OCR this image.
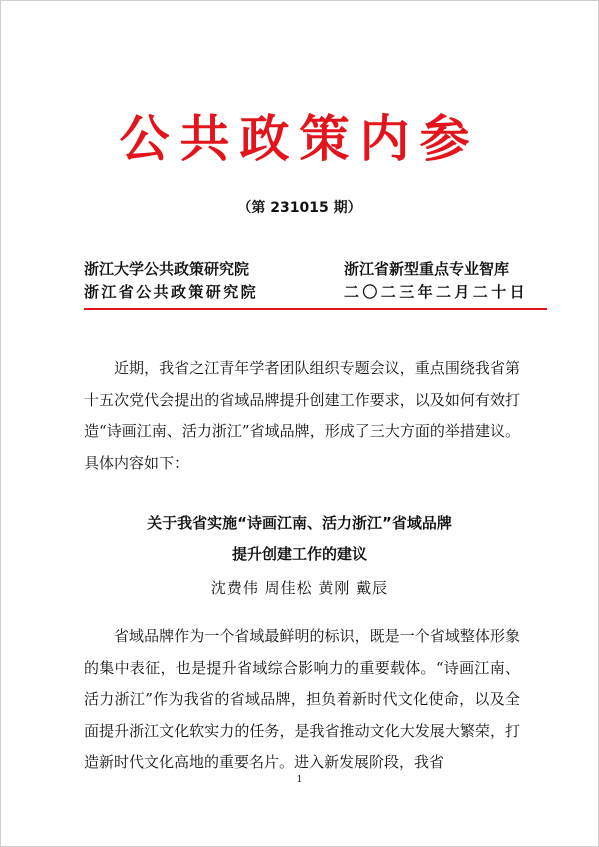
公共政策内参
（第 231015 期）
浙江大学公共政策研究院
浙江省公共政策研究院
浙江省新型重点专业智库
二〇二三年二月二十日

近期，我省之江青年学者团队组织专题会议，重点围绕我省第十五次党代会提出的省域品牌提升创建工作要求，以及如何有效打造“诗画江南、活力浙江”省域品牌，形成了三大方面的举措建议。具体内容如下：

关于我省实施“诗画江南、活力浙江”省域品牌
提升创建工作的建议
沈费伟 周佳松 黄刚 戴辰

省域品牌作为一个省域最鲜明的标识，既是一个省域整体形象的集中表征，也是提升省域综合影响力的重要载体。“诗画江南、活力浙江”作为我省的省域品牌，担负着新时代文化使命，以及全面提升浙江文化软实力的任务，是我省推动文化大发展大繁荣，打造新时代文化高地的重要名片。进入新发展阶段，我省

1
